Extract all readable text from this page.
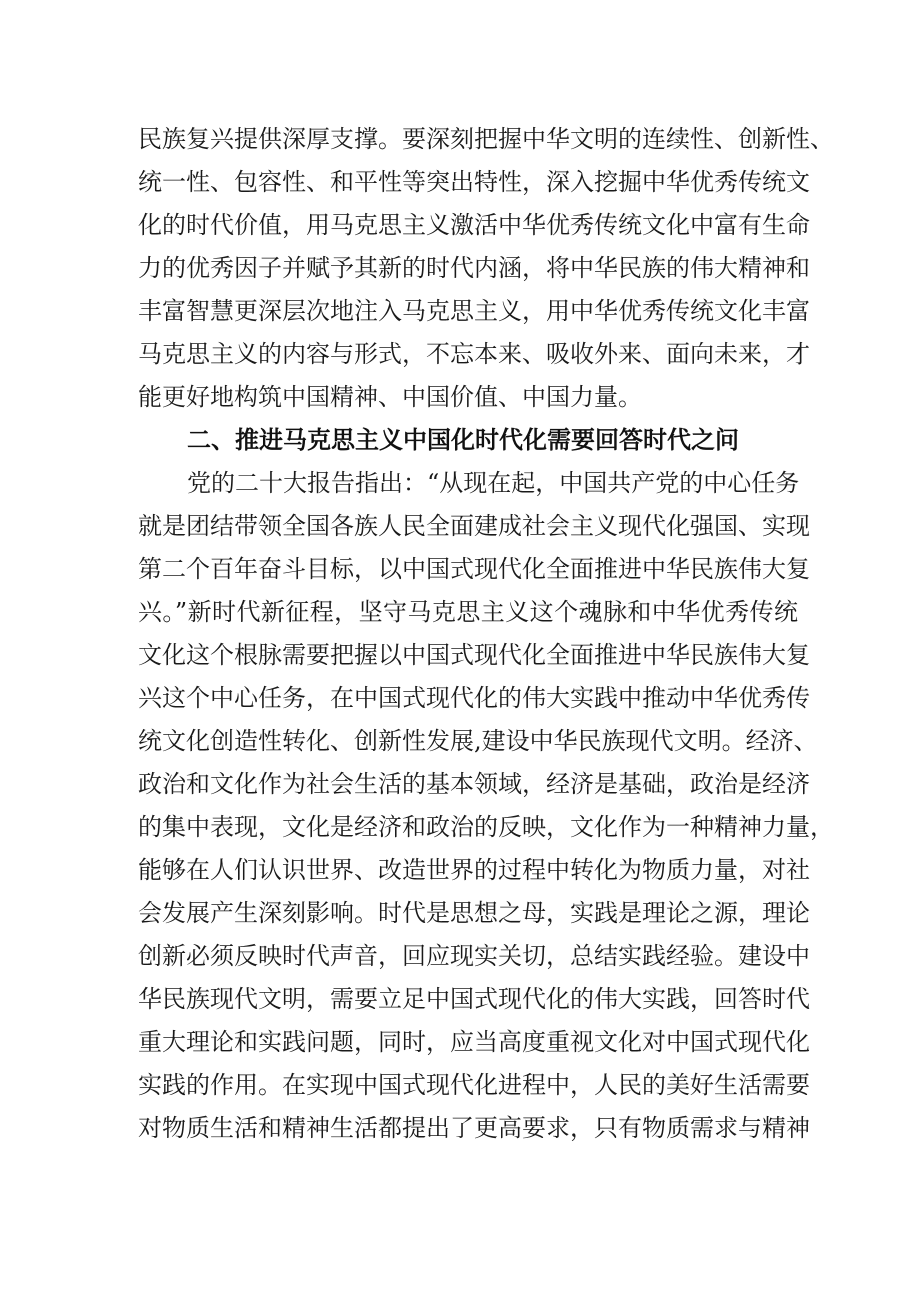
民族复兴提供深厚支撑。要深刻把握中华文明的连续性、创新性、
统一性、包容性、和平性等突出特性，深入挖掘中华优秀传统文
化的时代价值，用马克思主义激活中华优秀传统文化中富有生命
力的优秀因子并赋予其新的时代内涵，将中华民族的伟大精神和
丰富智慧更深层次地注入马克思主义，用中华优秀传统文化丰富
马克思主义的内容与形式，不忘本来、吸收外来、面向未来，才
能更好地构筑中国精神、中国价值、中国力量。
二、推进马克思主义中国化时代化需要回答时代之问
党的二十大报告指出：“从现在起，中国共产党的中心任务
就是团结带领全国各族人民全面建成社会主义现代化强国、实现
第二个百年奋斗目标，以中国式现代化全面推进中华民族伟大复
兴。”新时代新征程，坚守马克思主义这个魂脉和中华优秀传统
文化这个根脉需要把握以中国式现代化全面推进中华民族伟大复
兴这个中心任务，在中国式现代化的伟大实践中推动中华优秀传
统文化创造性转化、创新性发展,建设中华民族现代文明。经济、
政治和文化作为社会生活的基本领域，经济是基础，政治是经济
的集中表现，文化是经济和政治的反映，文化作为一种精神力量，
能够在人们认识世界、改造世界的过程中转化为物质力量，对社
会发展产生深刻影响。时代是思想之母，实践是理论之源，理论
创新必须反映时代声音，回应现实关切，总结实践经验。建设中
华民族现代文明，需要立足中国式现代化的伟大实践，回答时代
重大理论和实践问题，同时，应当高度重视文化对中国式现代化
实践的作用。在实现中国式现代化进程中，人民的美好生活需要
对物质生活和精神生活都提出了更高要求，只有物质需求与精神
